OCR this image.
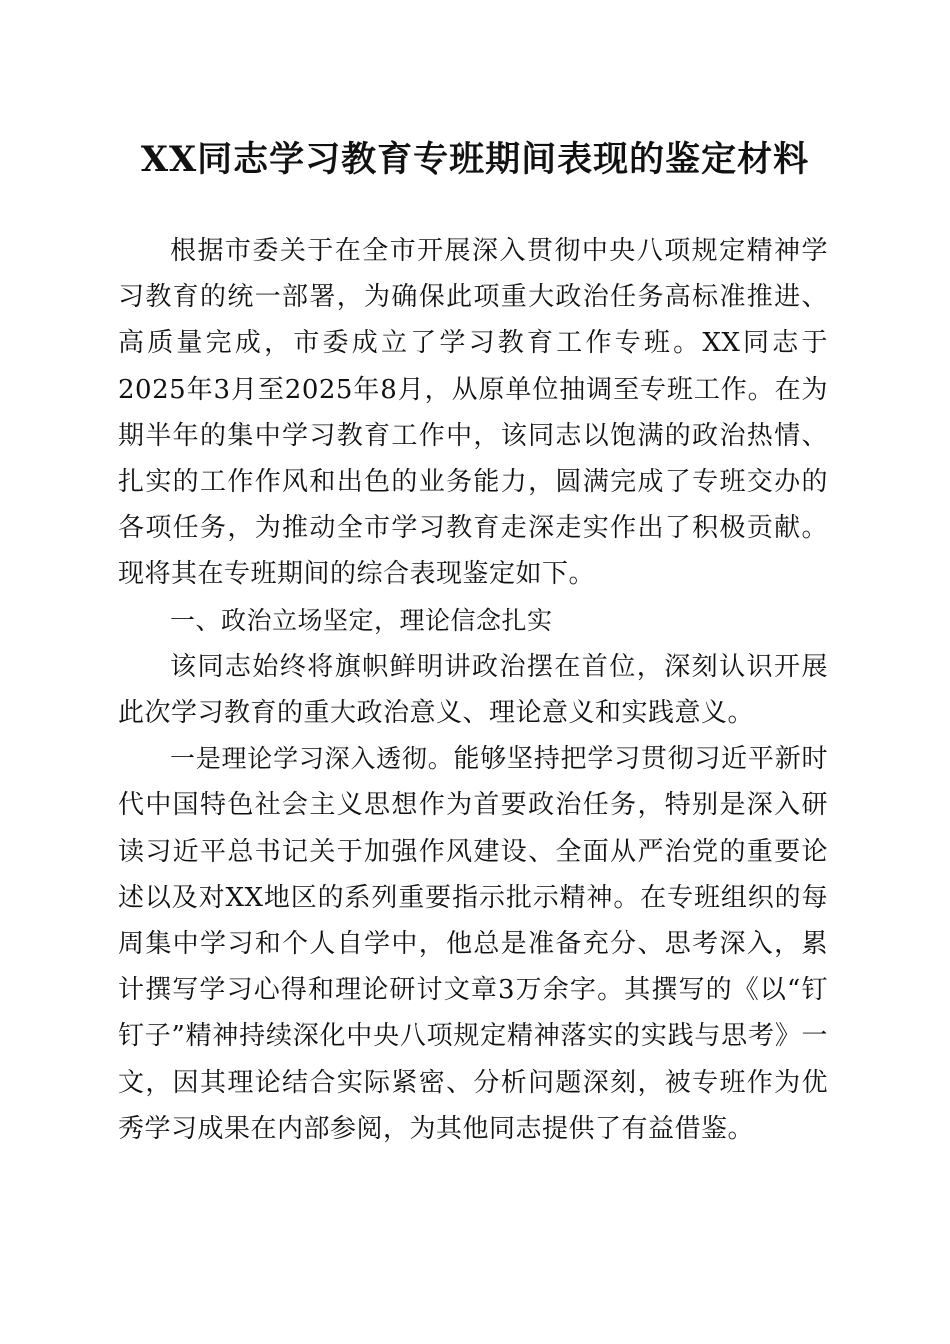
XX同志学习教育专班期间表现的鉴定材料

根据市委关于在全市开展深入贯彻中央八项规定精神学习教育的统一部署，为确保此项重大政治任务高标准推进、高质量完成，市委成立了学习教育工作专班。XX同志于2025年3月至2025年8月，从原单位抽调至专班工作。在为期半年的集中学习教育工作中，该同志以饱满的政治热情、扎实的工作作风和出色的业务能力，圆满完成了专班交办的各项任务，为推动全市学习教育走深走实作出了积极贡献。现将其在专班期间的综合表现鉴定如下。

一、政治立场坚定，理论信念扎实

该同志始终将旗帜鲜明讲政治摆在首位，深刻认识开展此次学习教育的重大政治意义、理论意义和实践意义。

一是理论学习深入透彻。能够坚持把学习贯彻习近平新时代中国特色社会主义思想作为首要政治任务，特别是深入研读习近平总书记关于加强作风建设、全面从严治党的重要论述以及对XX地区的系列重要指示批示精神。在专班组织的每周集中学习和个人自学中，他总是准备充分、思考深入，累计撰写学习心得和理论研讨文章3万余字。其撰写的《以“钉钉子”精神持续深化中央八项规定精神落实的实践与思考》一文，因其理论结合实际紧密、分析问题深刻，被专班作为优秀学习成果在内部参阅，为其他同志提供了有益借鉴。
